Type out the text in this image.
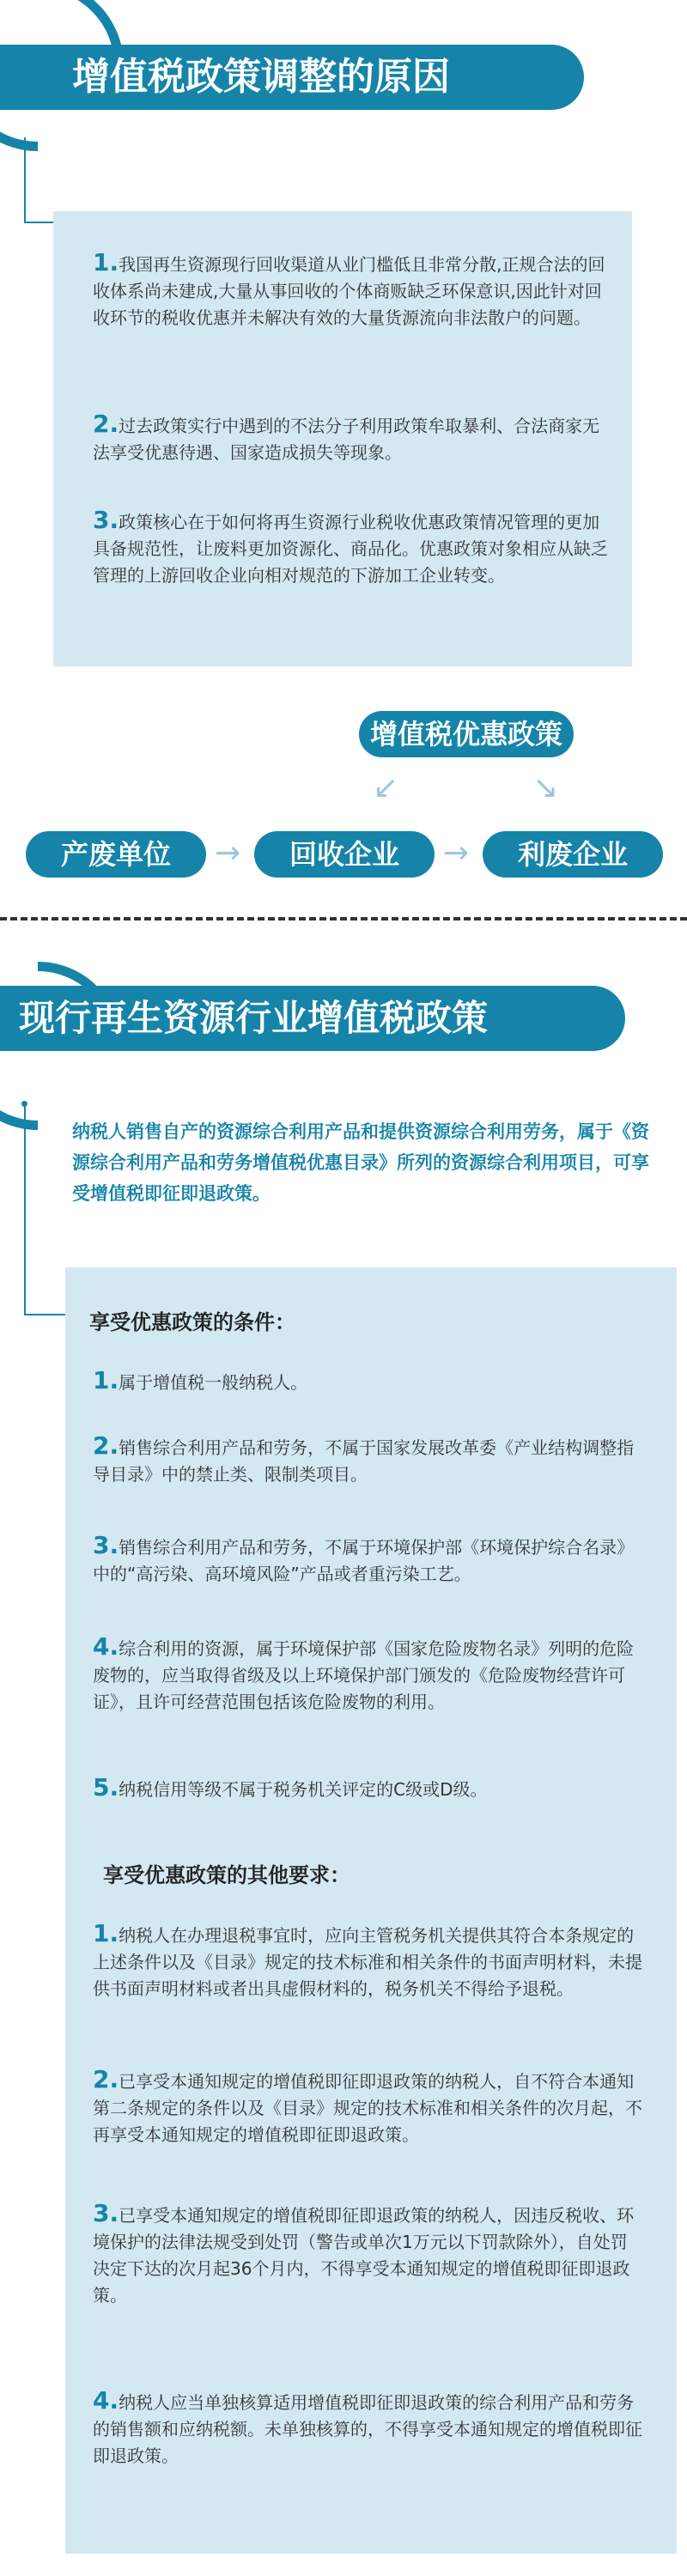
增值税政策调整的原因
1.我国再生资源现行回收渠道从业门槛低且非常分散,正规合法的回收体系尚未建成,大量从事回收的个体商贩缺乏环保意识,因此针对回收环节的税收优惠并未解决有效的大量货源流向非法散户的问题。
2.过去政策实行中遇到的不法分子利用政策牟取暴利、合法商家无法享受优惠待遇、国家造成损失等现象。
3.政策核心在于如何将再生资源行业税收优惠政策情况管理的更加具备规范性，让废料更加资源化、商品化。优惠政策对象相应从缺乏管理的上游回收企业向相对规范的下游加工企业转变。
增值税优惠政策
↙	↘
产废单位	→	回收企业	→	利废企业
现行再生资源行业增值税政策
纳税人销售自产的资源综合利用产品和提供资源综合利用劳务，属于《资源综合利用产品和劳务增值税优惠目录》所列的资源综合利用项目，可享受增值税即征即退政策。
享受优惠政策的条件：
1.属于增值税一般纳税人。
2.销售综合利用产品和劳务，不属于国家发展改革委《产业结构调整指导目录》中的禁止类、限制类项目。
3.销售综合利用产品和劳务，不属于环境保护部《环境保护综合名录》中的“高污染、高环境风险”产品或者重污染工艺。
4.综合利用的资源，属于环境保护部《国家危险废物名录》列明的危险废物的，应当取得省级及以上环境保护部门颁发的《危险废物经营许可证》，且许可经营范围包括该危险废物的利用。
5.纳税信用等级不属于税务机关评定的C级或D级。
享受优惠政策的其他要求：
1.纳税人在办理退税事宜时，应向主管税务机关提供其符合本条规定的上述条件以及《目录》规定的技术标准和相关条件的书面声明材料，未提供书面声明材料或者出具虚假材料的，税务机关不得给予退税。
2.已享受本通知规定的增值税即征即退政策的纳税人，自不符合本通知第二条规定的条件以及《目录》规定的技术标准和相关条件的次月起，不再享受本通知规定的增值税即征即退政策。
3.已享受本通知规定的增值税即征即退政策的纳税人，因违反税收、环境保护的法律法规受到处罚（警告或单次1万元以下罚款除外），自处罚决定下达的次月起36个月内，不得享受本通知规定的增值税即征即退政策。
4.纳税人应当单独核算适用增值税即征即退政策的综合利用产品和劳务的销售额和应纳税额。未单独核算的，不得享受本通知规定的增值税即征即退政策。
